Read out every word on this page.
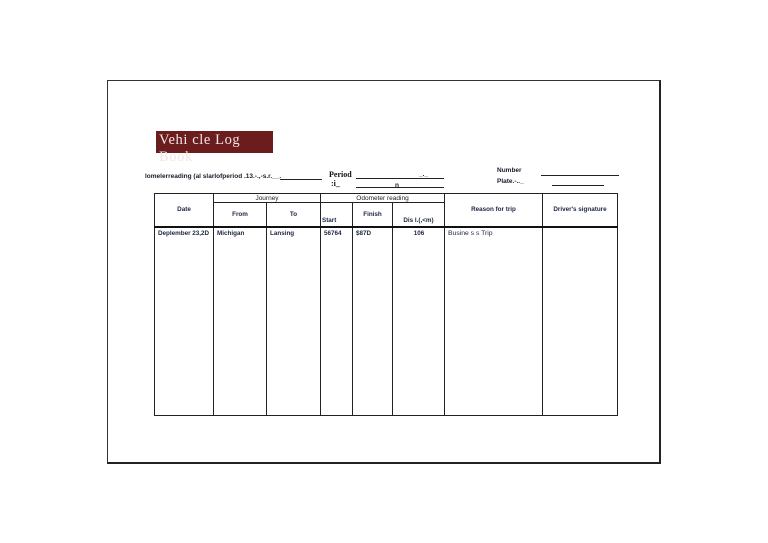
Vehi cle Log Book
lomelerreading (al slarlofperiod .13.-.,-s.r.__.	Period	_._
:i_	n
Number
.
Plate.-.._
Date	Journey		Odometer reading			Reason for trip	Driver's signature
	From	To	Start	Finish	Dis l.(,<m)		
Deplember 23,2D	Michigan	Lansing	56764	$87D	106	Busine s s Trip	
